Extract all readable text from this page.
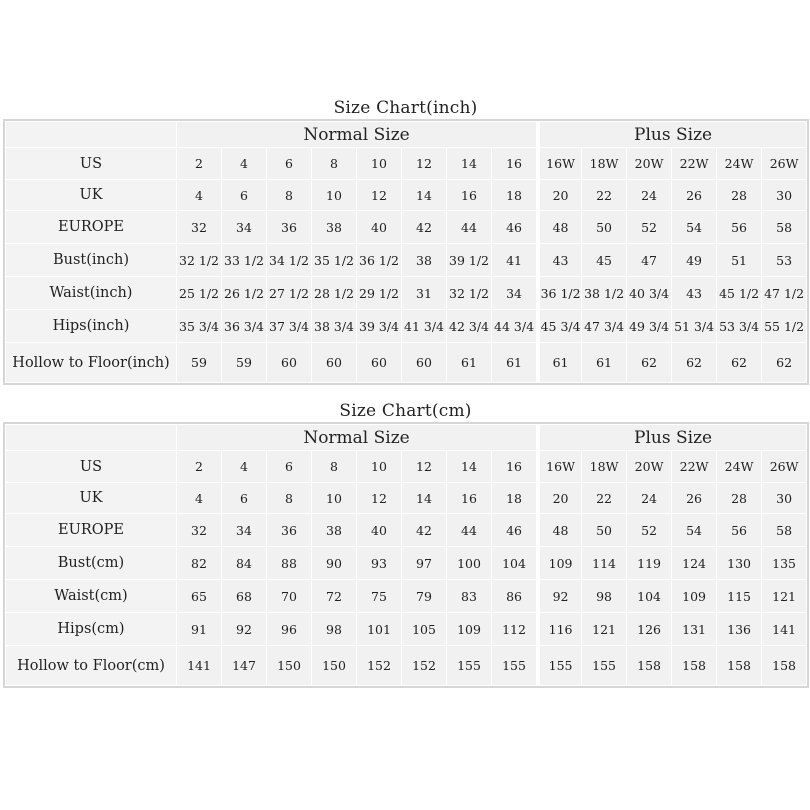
Size Chart(inch)
	Normal Size								Plus Size					
US	2	4	6	8	10	12	14	16	16W	18W	20W	22W	24W	26W
UK	4	6	8	10	12	14	16	18	20	22	24	26	28	30
EUROPE	32	34	36	38	40	42	44	46	48	50	52	54	56	58
Bust(inch)	32 1/2	33 1/2	34 1/2	35 1/2	36 1/2	38	39 1/2	41	43	45	47	49	51	53
Waist(inch)	25 1/2	26 1/2	27 1/2	28 1/2	29 1/2	31	32 1/2	34	36 1/2	38 1/2	40 3/4	43	45 1/2	47 1/2
Hips(inch)	35 3/4	36 3/4	37 3/4	38 3/4	39 3/4	41 3/4	42 3/4	44 3/4	45 3/4	47 3/4	49 3/4	51 3/4	53 3/4	55 1/2
Hollow to Floor(inch)	59	59	60	60	60	60	61	61	61	61	62	62	62	62
Size Chart(cm)
	Normal Size								Plus Size					
US	2	4	6	8	10	12	14	16	16W	18W	20W	22W	24W	26W
UK	4	6	8	10	12	14	16	18	20	22	24	26	28	30
EUROPE	32	34	36	38	40	42	44	46	48	50	52	54	56	58
Bust(cm)	82	84	88	90	93	97	100	104	109	114	119	124	130	135
Waist(cm)	65	68	70	72	75	79	83	86	92	98	104	109	115	121
Hips(cm)	91	92	96	98	101	105	109	112	116	121	126	131	136	141
Hollow to Floor(cm)	141	147	150	150	152	152	155	155	155	155	158	158	158	158
